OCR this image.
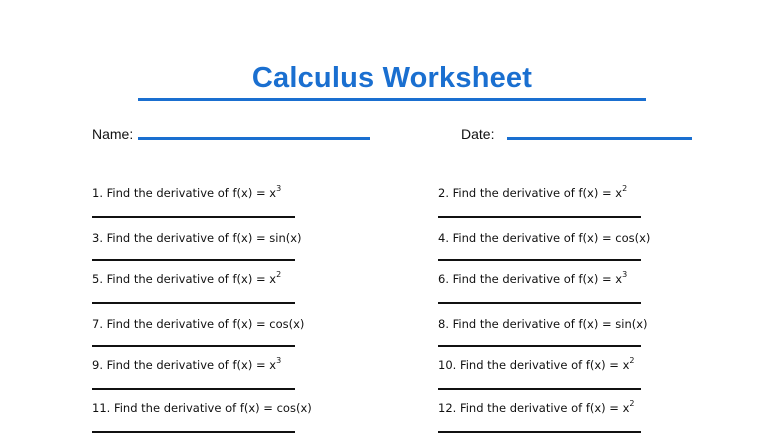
Calculus Worksheet
Name:	Date:
1. Find the derivative of $f(x) = x^3$	2. Find the derivative of $f(x) = x^2$
3. Find the derivative of f(x) = sin(x)	4. Find the derivative of f(x) = cos(x)
5. Find the derivative of $f(x) = x^2$	6. Find the derivative of $f(x) = x^3$
7. Find the derivative of f(x) = cos(x)	8. Find the derivative of f(x) = sin(x)
9. Find the derivative of $f(x) = x^3$	10. Find the derivative of $f(x) = x^2$
11. Find the derivative of f(x) = cos(x)	12. Find the derivative of $f(x) = x^2$
